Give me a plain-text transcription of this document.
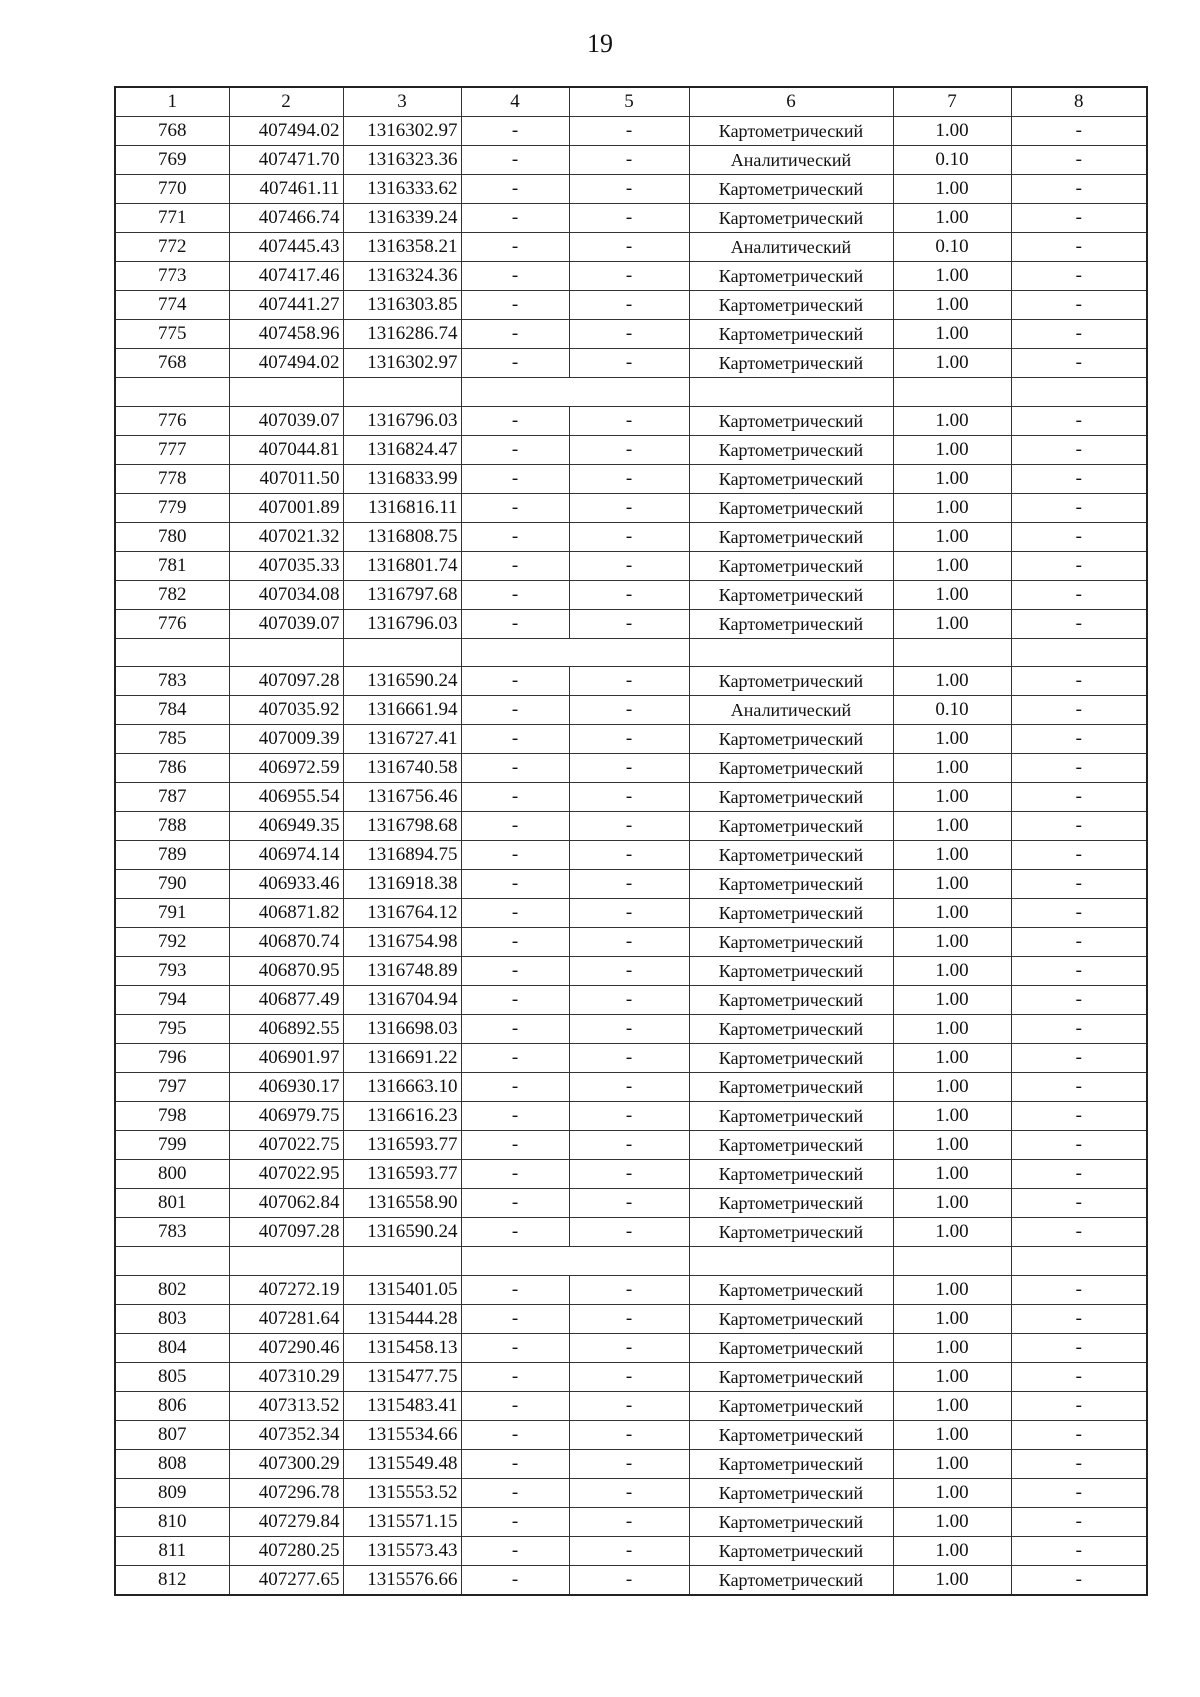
19
1	2	3	4	5	6	7	8
768	407494.02	1316302.97	-	-	Картометрический	1.00	-
769	407471.70	1316323.36	-	-	Аналитический	0.10	-
770	407461.11	1316333.62	-	-	Картометрический	1.00	-
771	407466.74	1316339.24	-	-	Картометрический	1.00	-
772	407445.43	1316358.21	-	-	Аналитический	0.10	-
773	407417.46	1316324.36	-	-	Картометрический	1.00	-
774	407441.27	1316303.85	-	-	Картометрический	1.00	-
775	407458.96	1316286.74	-	-	Картометрический	1.00	-
768	407494.02	1316302.97	-	-	Картометрический	1.00	-

776	407039.07	1316796.03	-	-	Картометрический	1.00	-
777	407044.81	1316824.47	-	-	Картометрический	1.00	-
778	407011.50	1316833.99	-	-	Картометрический	1.00	-
779	407001.89	1316816.11	-	-	Картометрический	1.00	-
780	407021.32	1316808.75	-	-	Картометрический	1.00	-
781	407035.33	1316801.74	-	-	Картометрический	1.00	-
782	407034.08	1316797.68	-	-	Картометрический	1.00	-
776	407039.07	1316796.03	-	-	Картометрический	1.00	-

783	407097.28	1316590.24	-	-	Картометрический	1.00	-
784	407035.92	1316661.94	-	-	Аналитический	0.10	-
785	407009.39	1316727.41	-	-	Картометрический	1.00	-
786	406972.59	1316740.58	-	-	Картометрический	1.00	-
787	406955.54	1316756.46	-	-	Картометрический	1.00	-
788	406949.35	1316798.68	-	-	Картометрический	1.00	-
789	406974.14	1316894.75	-	-	Картометрический	1.00	-
790	406933.46	1316918.38	-	-	Картометрический	1.00	-
791	406871.82	1316764.12	-	-	Картометрический	1.00	-
792	406870.74	1316754.98	-	-	Картометрический	1.00	-
793	406870.95	1316748.89	-	-	Картометрический	1.00	-
794	406877.49	1316704.94	-	-	Картометрический	1.00	-
795	406892.55	1316698.03	-	-	Картометрический	1.00	-
796	406901.97	1316691.22	-	-	Картометрический	1.00	-
797	406930.17	1316663.10	-	-	Картометрический	1.00	-
798	406979.75	1316616.23	-	-	Картометрический	1.00	-
799	407022.75	1316593.77	-	-	Картометрический	1.00	-
800	407022.95	1316593.77	-	-	Картометрический	1.00	-
801	407062.84	1316558.90	-	-	Картометрический	1.00	-
783	407097.28	1316590.24	-	-	Картометрический	1.00	-

802	407272.19	1315401.05	-	-	Картометрический	1.00	-
803	407281.64	1315444.28	-	-	Картометрический	1.00	-
804	407290.46	1315458.13	-	-	Картометрический	1.00	-
805	407310.29	1315477.75	-	-	Картометрический	1.00	-
806	407313.52	1315483.41	-	-	Картометрический	1.00	-
807	407352.34	1315534.66	-	-	Картометрический	1.00	-
808	407300.29	1315549.48	-	-	Картометрический	1.00	-
809	407296.78	1315553.52	-	-	Картометрический	1.00	-
810	407279.84	1315571.15	-	-	Картометрический	1.00	-
811	407280.25	1315573.43	-	-	Картометрический	1.00	-
812	407277.65	1315576.66	-	-	Картометрический	1.00	-
